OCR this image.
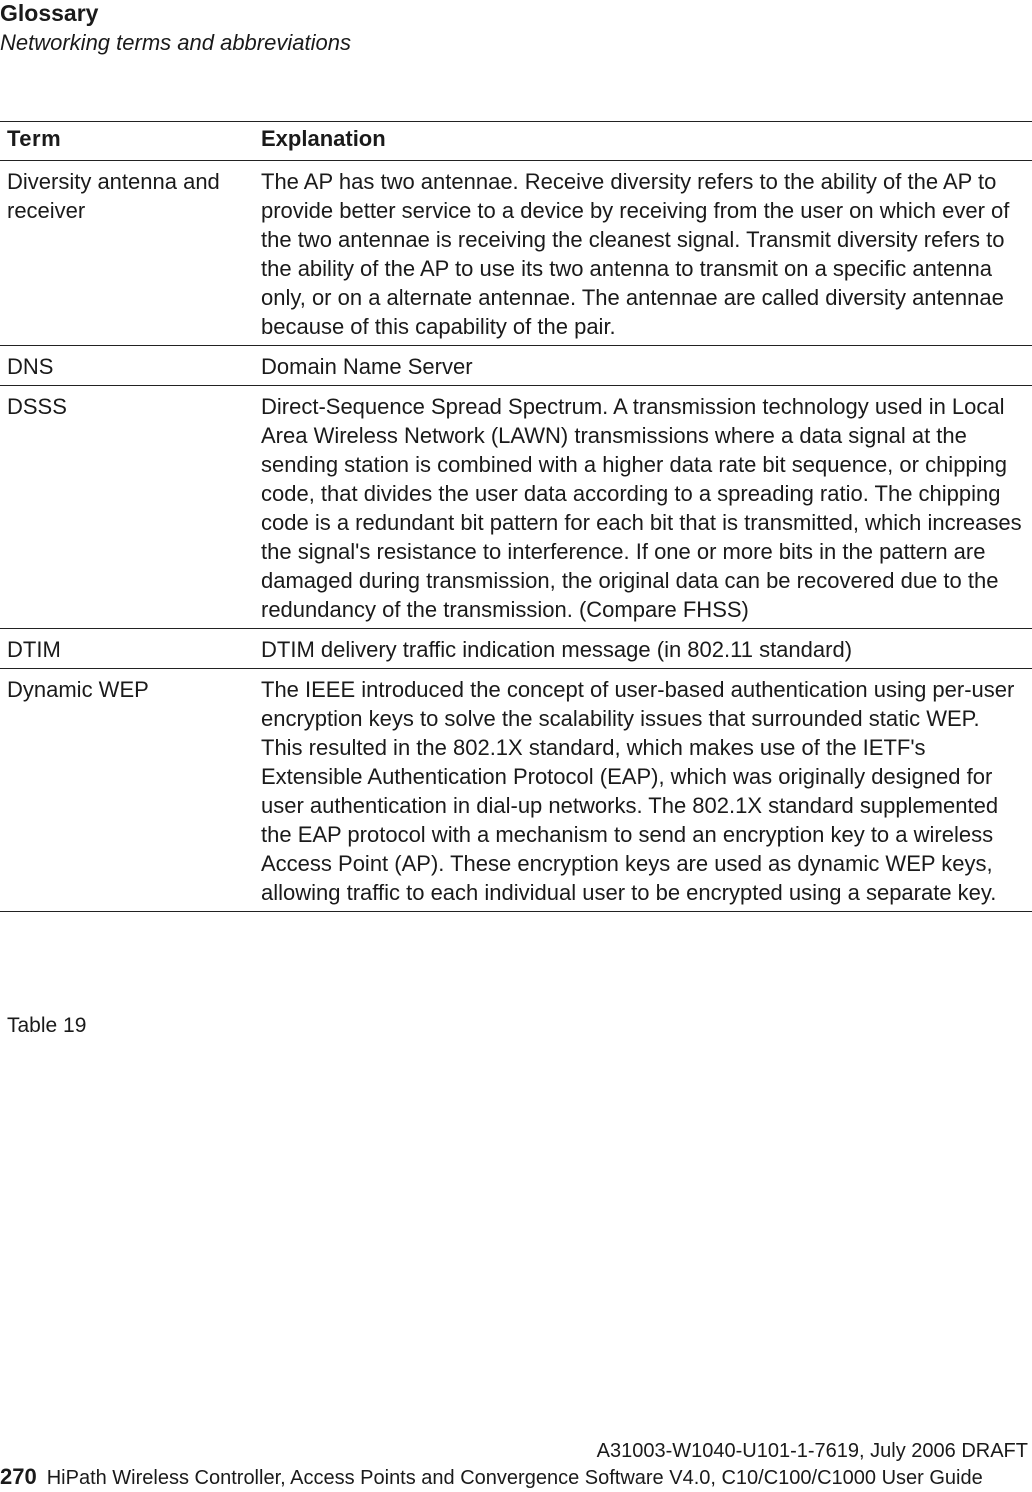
Glossary
Networking terms and abbreviations
Term	Explanation
Diversity antenna and receiver	The AP has two antennae. Receive diversity refers to the ability of the AP to provide better service to a device by receiving from the user on which ever of the two antennae is receiving the cleanest signal. Transmit diversity refers to the ability of the AP to use its two antenna to transmit on a specific antenna only, or on a alternate antennae. The antennae are called diversity antennae because of this capability of the pair.
DNS	Domain Name Server
DSSS	Direct-Sequence Spread Spectrum. A transmission technology used in Local Area Wireless Network (LAWN) transmissions where a data signal at the sending station is combined with a higher data rate bit sequence, or chipping code, that divides the user data according to a spreading ratio. The chipping code is a redundant bit pattern for each bit that is transmitted, which increases the signal's resistance to interference. If one or more bits in the pattern are damaged during transmission, the original data can be recovered due to the redundancy of the transmission. (Compare FHSS)
DTIM	DTIM delivery traffic indication message (in 802.11 standard)
Dynamic WEP	The IEEE introduced the concept of user-based authentication using per-user encryption keys to solve the scalability issues that surrounded static WEP. This resulted in the 802.1X standard, which makes use of the IETF's Extensible Authentication Protocol (EAP), which was originally designed for user authentication in dial-up networks. The 802.1X standard supplemented the EAP protocol with a mechanism to send an encryption key to a wireless Access Point (AP). These encryption keys are used as dynamic WEP keys, allowing traffic to each individual user to be encrypted using a separate key.
Table 19
A31003-W1040-U101-1-7619, July 2006 DRAFT
270 HiPath Wireless Controller, Access Points and Convergence Software V4.0, C10/C100/C1000 User Guide
